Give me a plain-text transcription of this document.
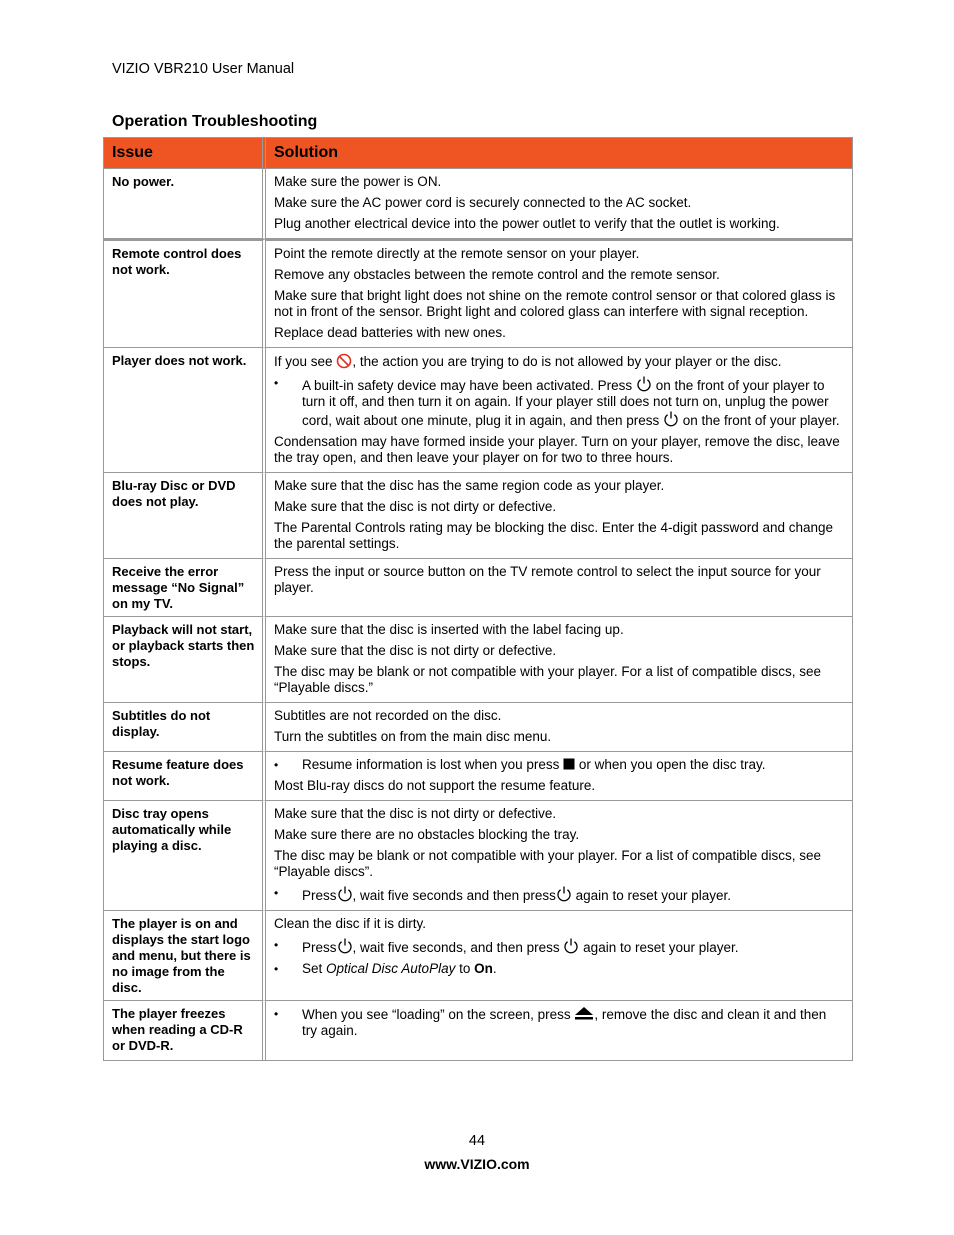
VIZIO VBR210 User Manual
Operation Troubleshooting
Issue	Solution
No power.	Make sure the power is ON.
Make sure the AC power cord is securely connected to the AC socket.
Plug another electrical device into the power outlet to verify that the outlet is working.

Remote control does not work.	Point the remote directly at the remote sensor on your player.
Remove any obstacles between the remote control and the remote sensor.
Make sure that bright light does not shine on the remote control sensor or that colored glass is not in front of the sensor. Bright light and colored glass can interfere with signal reception.
Replace dead batteries with new ones.

Player does not work.	If you see , the action you are trying to do is not allowed by your player or the disc.
• A built-in safety device may have been activated. Press on the front of your player to turn it off, and then turn it on again. If your player still does not turn on, unplug the power cord, wait about one minute, plug it in again, and then press on the front of your player.
Condensation may have formed inside your player. Turn on your player, remove the disc, leave the tray open, and then leave your player on for two to three hours.

Blu-ray Disc or DVD does not play.	Make sure that the disc has the same region code as your player.
Make sure that the disc is not dirty or defective.
The Parental Controls rating may be blocking the disc. Enter the 4-digit password and change the parental settings.

Receive the error message “No Signal” on my TV.	Press the input or source button on the TV remote control to select the input source for your player.

Playback will not start, or playback starts then stops.	Make sure that the disc is inserted with the label facing up.
Make sure that the disc is not dirty or defective.
The disc may be blank or not compatible with your player. For a list of compatible discs, see “Playable discs.”

Subtitles do not display.	Subtitles are not recorded on the disc.
Turn the subtitles on from the main disc menu.

Resume feature does not work.	• Resume information is lost when you press or when you open the disc tray.
Most Blu-ray discs do not support the resume feature.

Disc tray opens automatically while playing a disc.	Make sure that the disc is not dirty or defective.
Make sure there are no obstacles blocking the tray.
The disc may be blank or not compatible with your player. For a list of compatible discs, see “Playable discs”.
• Press , wait five seconds and then press again to reset your player.

The player is on and displays the start logo and menu, but there is no image from the disc.	Clean the disc if it is dirty.
• Press , wait five seconds, and then press again to reset your player.
• Set Optical Disc AutoPlay to On.

The player freezes when reading a CD-R or DVD-R.	• When you see “loading” on the screen, press , remove the disc and clean it and then try again.
44
www.VIZIO.com
